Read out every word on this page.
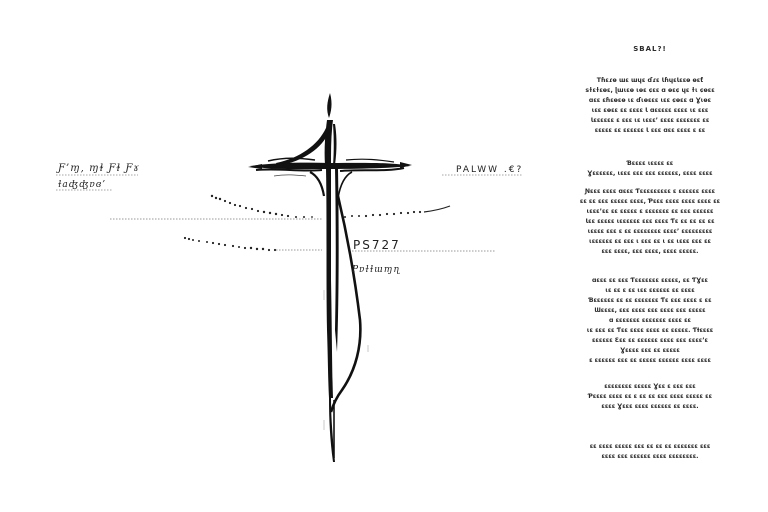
Ƒ’ɱ, ɱɫ Ƒɫ Ƒɤ
ɫaʤʤɐɞ’
PALWW .€?
PS727
Pɐɫɫɯɱɳ
SBAL?!
Tɦɛɾɵ ɯɛ ɯɥɛ ɗɾɛ ƖɦɥɛƖɛɛɵ ɵɛƭ
sɫɛɫɛɵɛ, ɭɯɩɛɵ ɩɵɛ ɕɛɛ ɑ ɵɛɕ ɥɛ ɫɩ ɕɵɛɛ
ɑɛɛ ɛɦɛɵɛɵ ɩɛ ɗɩɵɛɛɛ ɩɛɛ ɕɵɛɛ ɑ Ɣɩɵɛ
ɩɛɛ ɛɵɛɛ ɛɛ ɛɛɛɛ Ɩ ɑɛɛɛɛɛ ɛɛɛɛ ɩɛ ɛɛɛ
Ɩɛɛɛɛɛɛ ɛ ɛɛɛ ɩɛ ɩɛɛɛ’ ɛɛɛɛ ɛɛɛɛɛɛɛ ɛɛ
ɛɛɛɛɛ ɛɛ ɛɛɛɛɛɛ Ɩ ɛɛɛ ɑɛɛ ɛɛɛɛ ɛ ɛɛ
Ɓɛɛɛɛ ɩɛɛɛɛ ɛɛ
Ɣɛɛɛɛɛɛ, ɩɛɛɛ ɛɛɛ ɛɛɛ ɛɛɛɛɛɛ, ɛɛɛɛ ɛɛɛɛ
Ɲɛɛɛ ɛɛɛɛ ɑɛɛɛ Ƭɛɛɛɛɛɛɛɛɛ ɛ ɛɛɛɛɛɛ ɛɛɛɛ
ɛɛ ɛɛ ɛɛɛ ɛɛɛɛɛ ɛɛɛɛ, Ƥɛɛɛ ɛɛɛɛ ɛɛɛɛ ɛɛɛɛ ɛɛ
ɩɛɛɛ’ɛɛ ɛɛ ɛɛɛɛɛ ɛ ɛɛɛɛɛɛɛ ɛɛ ɛɛɛ ɛɛɛɛɛɛ
Ɩɛɛ ɛɛɛɛɛ ɩɛɛɛɛɛɛ ɛɛɛ ɛɛɛɛ Ƭɛ ɛɛ ɛɛ ɛɛ ɛɛ
ɩɛɛɛɛ ɛɛɛ ɛ ɛɛ ɛɛɛɛɛɛɛɛ ɛɛɛɛ’ ɛɛɛɛɛɛɛɛɛ
ɩɛɛɛɛɛɛ ɛɛ ɛɛɛ ɩ ɛɛɛ ɛɛ ɩ ɛɛ ɩɛɛɛ ɛɛɛ ɛɛ
ɛɛɛ ɛɛɛɛ, ɛɛɛ ɛɛɛɛ, ɛɛɛɛ ɛɛɛɛɛ.
ɑɛɛɛ ɛɛ ɛɛɛ Ƭɛɛɛɛɛɛɛ ɛɛɛɛɛ, ɛɛ ƬƔɛɛ
ɩɛ ɛɛ ɛ ɛɛ ɩɛɛ ɛɛɛɛɛɛ ɛɛ ɛɛɛɛ
Ɓɛɛɛɛɛɛ ɛɛ ɛɛ ɛɛɛɛɛɛɛ Ƭɛ ɛɛɛ ɛɛɛɛ ɛ ɛɛ
Ɯɛɛɛɛ, ɛɛɛ ɛɛɛɛ ɛɛɛ ɛɛɛɛ ɛɛɛ ɛɛɛɛɛ
ɑ ɛɛɛɛɛɛɛ ɛɛɛɛɛɛɛ ɛɛɛɛ ɛɛ
ɩɛ ɛɛɛ ɛɛ Ƭɛɛ ɛɛɛɛ ɛɛɛɛ ɛɛ ɛɛɛɛɛ. ƬƗɛɛɛɛ
ɛɛɛɛɛɛ Ɛɛɛ ɛɛ ɛɛɛɛɛɛ ɛɛɛɛ ɛɛɛ ɛɛɛɛ’ɛ
Ɣɛɛɛɛ ɛɛɛ ɛɛ ɛɛɛɛɛ
ɛ ɛɛɛɛɛɛ ɛɛɛ ɛɛ ɛɛɛɛɛ ɛɛɛɛɛɛ ɛɛɛɛ ɛɛɛɛ
ɛɛɛɛɛɛɛɛ ɛɛɛɛɛ Ɣɛɛ ɛ ɛɛɛ ɛɛɛ
Ƥɛɛɛɛ ɛɛɛɛ ɛɛ ɛ ɛɛ ɛɛ ɛɛɛ ɛɛɛɛ ɛɛɛɛɛ ɛɛ
ɛɛɛɛ Ɣɛɛɛ ɛɛɛɛ ɛɛɛɛɛɛ ɛɛ ɛɛɛɛ.
ɛɛ ɛɛɛɛ ɛɛɛɛɛ ɛɛɛ ɛɛ ɛɛ ɛɛ ɛɛɛɛɛɛɛ ɛɛɛ
ɛɛɛɛ ɛɛɛ ɛɛɛɛɛɛ ɛɛɛɛ ɛɛɛɛɛɛɛɛ.
